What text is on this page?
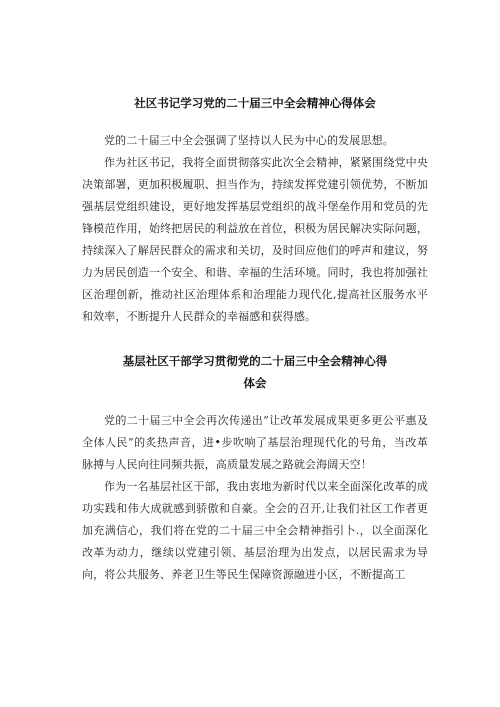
社区书记学习党的二十届三中全会精神心得体会

党的二十届三中全会强调了坚持以人民为中心的发展思想。

作为社区书记，我将全面贯彻落实此次全会精神，紧紧围绕党中央决策部署，更加积极履职、担当作为，持续发挥党建引领优势，不断加强基层党组织建设，更好地发挥基层党组织的战斗堡垒作用和党员的先锋模范作用，始终把居民的利益放在首位，积极为居民解决实际问题，持续深入了解居民群众的需求和关切，及时回应他们的呼声和建议，努力为居民创造一个安全、和谐、幸福的生活环境。同时，我也将加强社区治理创新，推动社区治理体系和治理能力现代化,提高社区服务水平和效率，不断提升人民群众的幸福感和获得感。

基层社区干部学习贯彻党的二十届三中全会精神心得
体会

党的二十届三中全会再次传递出“让改革发展成果更多更公平惠及全体人民”的炙热声音，进•步吹响了基层治理现代化的号角，当改革脉搏与人民向往同频共振，高质量发展之路就会海阔天空！

作为一名基层社区干部，我由衷地为新时代以来全面深化改革的成功实践和伟大成就感到骄傲和自豪。全会的召开,让我们社区工作者更加充满信心，我们将在党的二十届三中全会精神指引卜.，以全面深化改革为动力，继续以党建引领、基层治理为出发点，以居民需求为导向，将公共服务、养老卫生等民生保障资源融进小区，不断提高工
